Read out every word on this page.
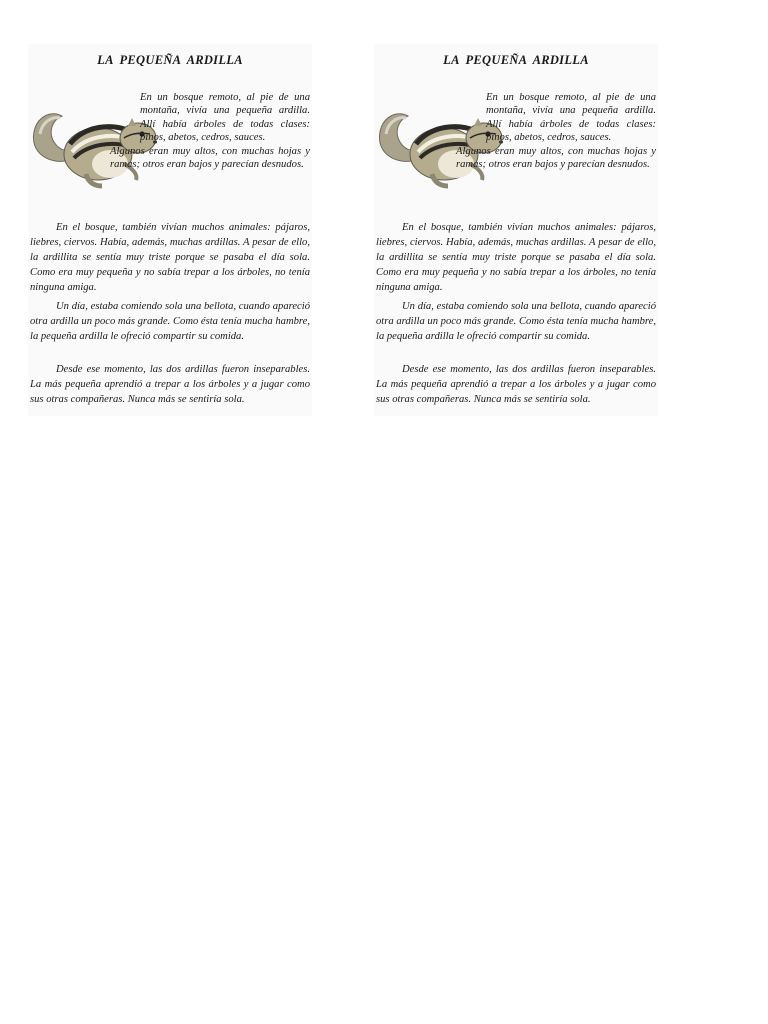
LA PEQUEÑA ARDILLA

En un bosque remoto, al pie de una montaña, vivía una pequeña ardilla. Allí había árboles de todas clases: pinos, abetos, cedros, sauces.
Algunos eran muy altos, con muchas hojas y ramas; otros eran bajos y parecían desnudos.

En el bosque, también vivían muchos animales: pájaros, liebres, ciervos. Había, además, muchas ardillas. A pesar de ello, la ardillita se sentía muy triste porque se pasaba el día sola. Como era muy pequeña y no sabía trepar a los árboles, no tenía ninguna amiga.

Un día, estaba comiendo sola una bellota, cuando apareció otra ardilla un poco más grande. Como ésta tenía mucha hambre, la pequeña ardilla le ofreció compartir su comida.

Desde ese momento, las dos ardillas fueron inseparables. La más pequeña aprendió a trepar a los árboles y a jugar como sus otras compañeras. Nunca más se sentiría sola.

LA PEQUEÑA ARDILLA

En un bosque remoto, al pie de una montaña, vivía una pequeña ardilla. Allí había árboles de todas clases: pinos, abetos, cedros, sauces.
Algunos eran muy altos, con muchas hojas y ramas; otros eran bajos y parecían desnudos.

En el bosque, también vivían muchos animales: pájaros, liebres, ciervos. Había, además, muchas ardillas. A pesar de ello, la ardillita se sentía muy triste porque se pasaba el día sola. Como era muy pequeña y no sabía trepar a los árboles, no tenía ninguna amiga.

Un día, estaba comiendo sola una bellota, cuando apareció otra ardilla un poco más grande. Como ésta tenía mucha hambre, la pequeña ardilla le ofreció compartir su comida.

Desde ese momento, las dos ardillas fueron inseparables. La más pequeña aprendió a trepar a los árboles y a jugar como sus otras compañeras. Nunca más se sentiría sola.
